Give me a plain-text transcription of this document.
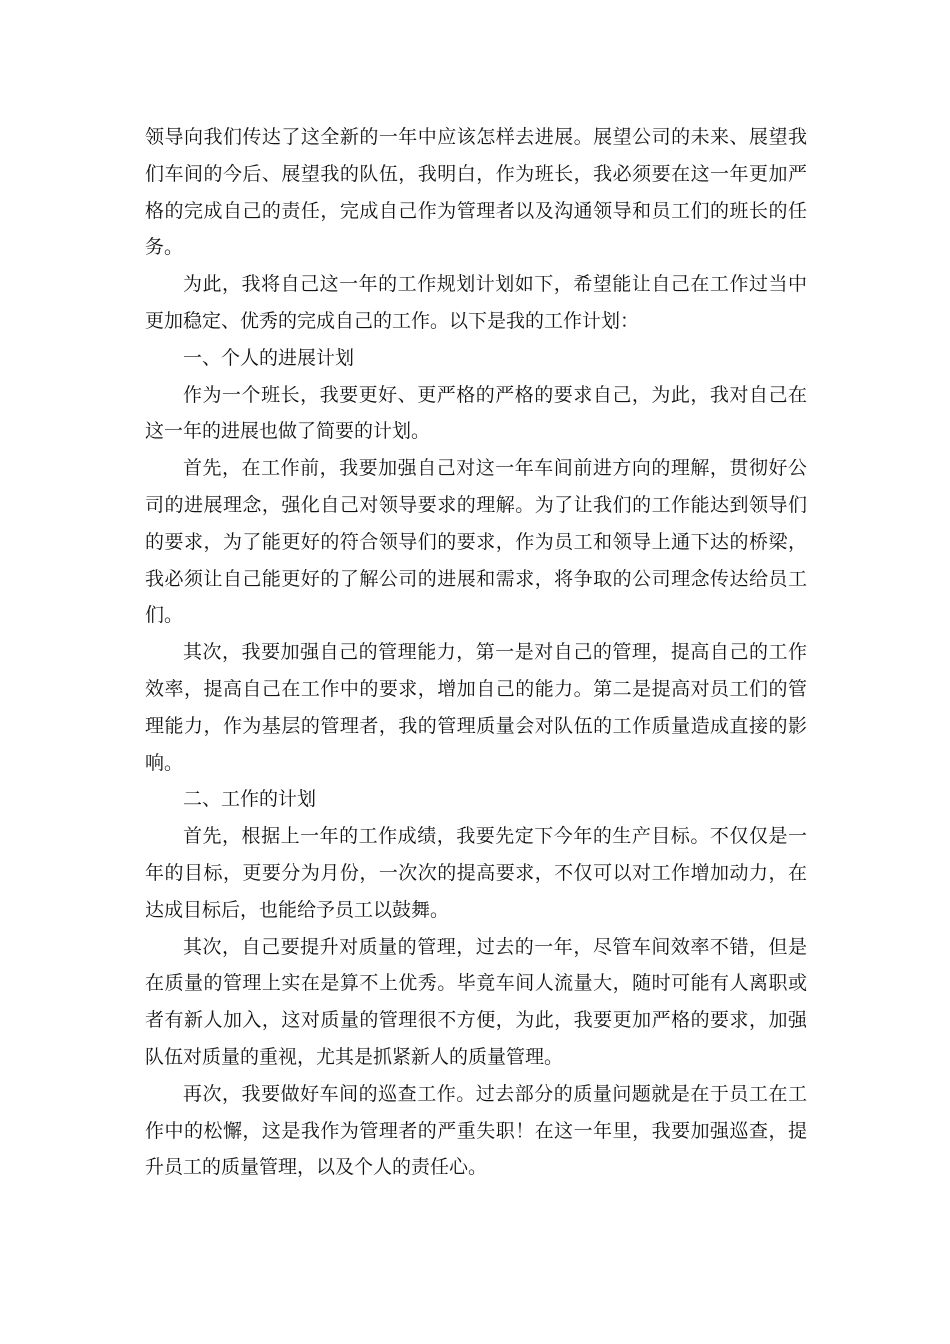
领导向我们传达了这全新的一年中应该怎样去进展。展望公司的未来、展望我们车间的今后、展望我的队伍，我明白，作为班长，我必须要在这一年更加严格的完成自己的责任，完成自己作为管理者以及沟通领导和员工们的班长的任务。

为此，我将自己这一年的工作规划计划如下，希望能让自己在工作过当中更加稳定、优秀的完成自己的工作。以下是我的工作计划：

一、个人的进展计划

作为一个班长，我要更好、更严格的严格的要求自己，为此，我对自己在这一年的进展也做了简要的计划。

首先，在工作前，我要加强自己对这一年车间前进方向的理解，贯彻好公司的进展理念，强化自己对领导要求的理解。为了让我们的工作能达到领导们的要求，为了能更好的符合领导们的要求，作为员工和领导上通下达的桥梁，我必须让自己能更好的了解公司的进展和需求，将争取的公司理念传达给员工们。

其次，我要加强自己的管理能力，第一是对自己的管理，提高自己的工作效率，提高自己在工作中的要求，增加自己的能力。第二是提高对员工们的管理能力，作为基层的管理者，我的管理质量会对队伍的工作质量造成直接的影响。

二、工作的计划

首先，根据上一年的工作成绩，我要先定下今年的生产目标。不仅仅是一年的目标，更要分为月份，一次次的提高要求，不仅可以对工作增加动力，在达成目标后，也能给予员工以鼓舞。

其次，自己要提升对质量的管理，过去的一年，尽管车间效率不错，但是在质量的管理上实在是算不上优秀。毕竟车间人流量大，随时可能有人离职或者有新人加入，这对质量的管理很不方便，为此，我要更加严格的要求，加强队伍对质量的重视，尤其是抓紧新人的质量管理。

再次，我要做好车间的巡查工作。过去部分的质量问题就是在于员工在工作中的松懈，这是我作为管理者的严重失职！在这一年里，我要加强巡查，提升员工的质量管理，以及个人的责任心。
